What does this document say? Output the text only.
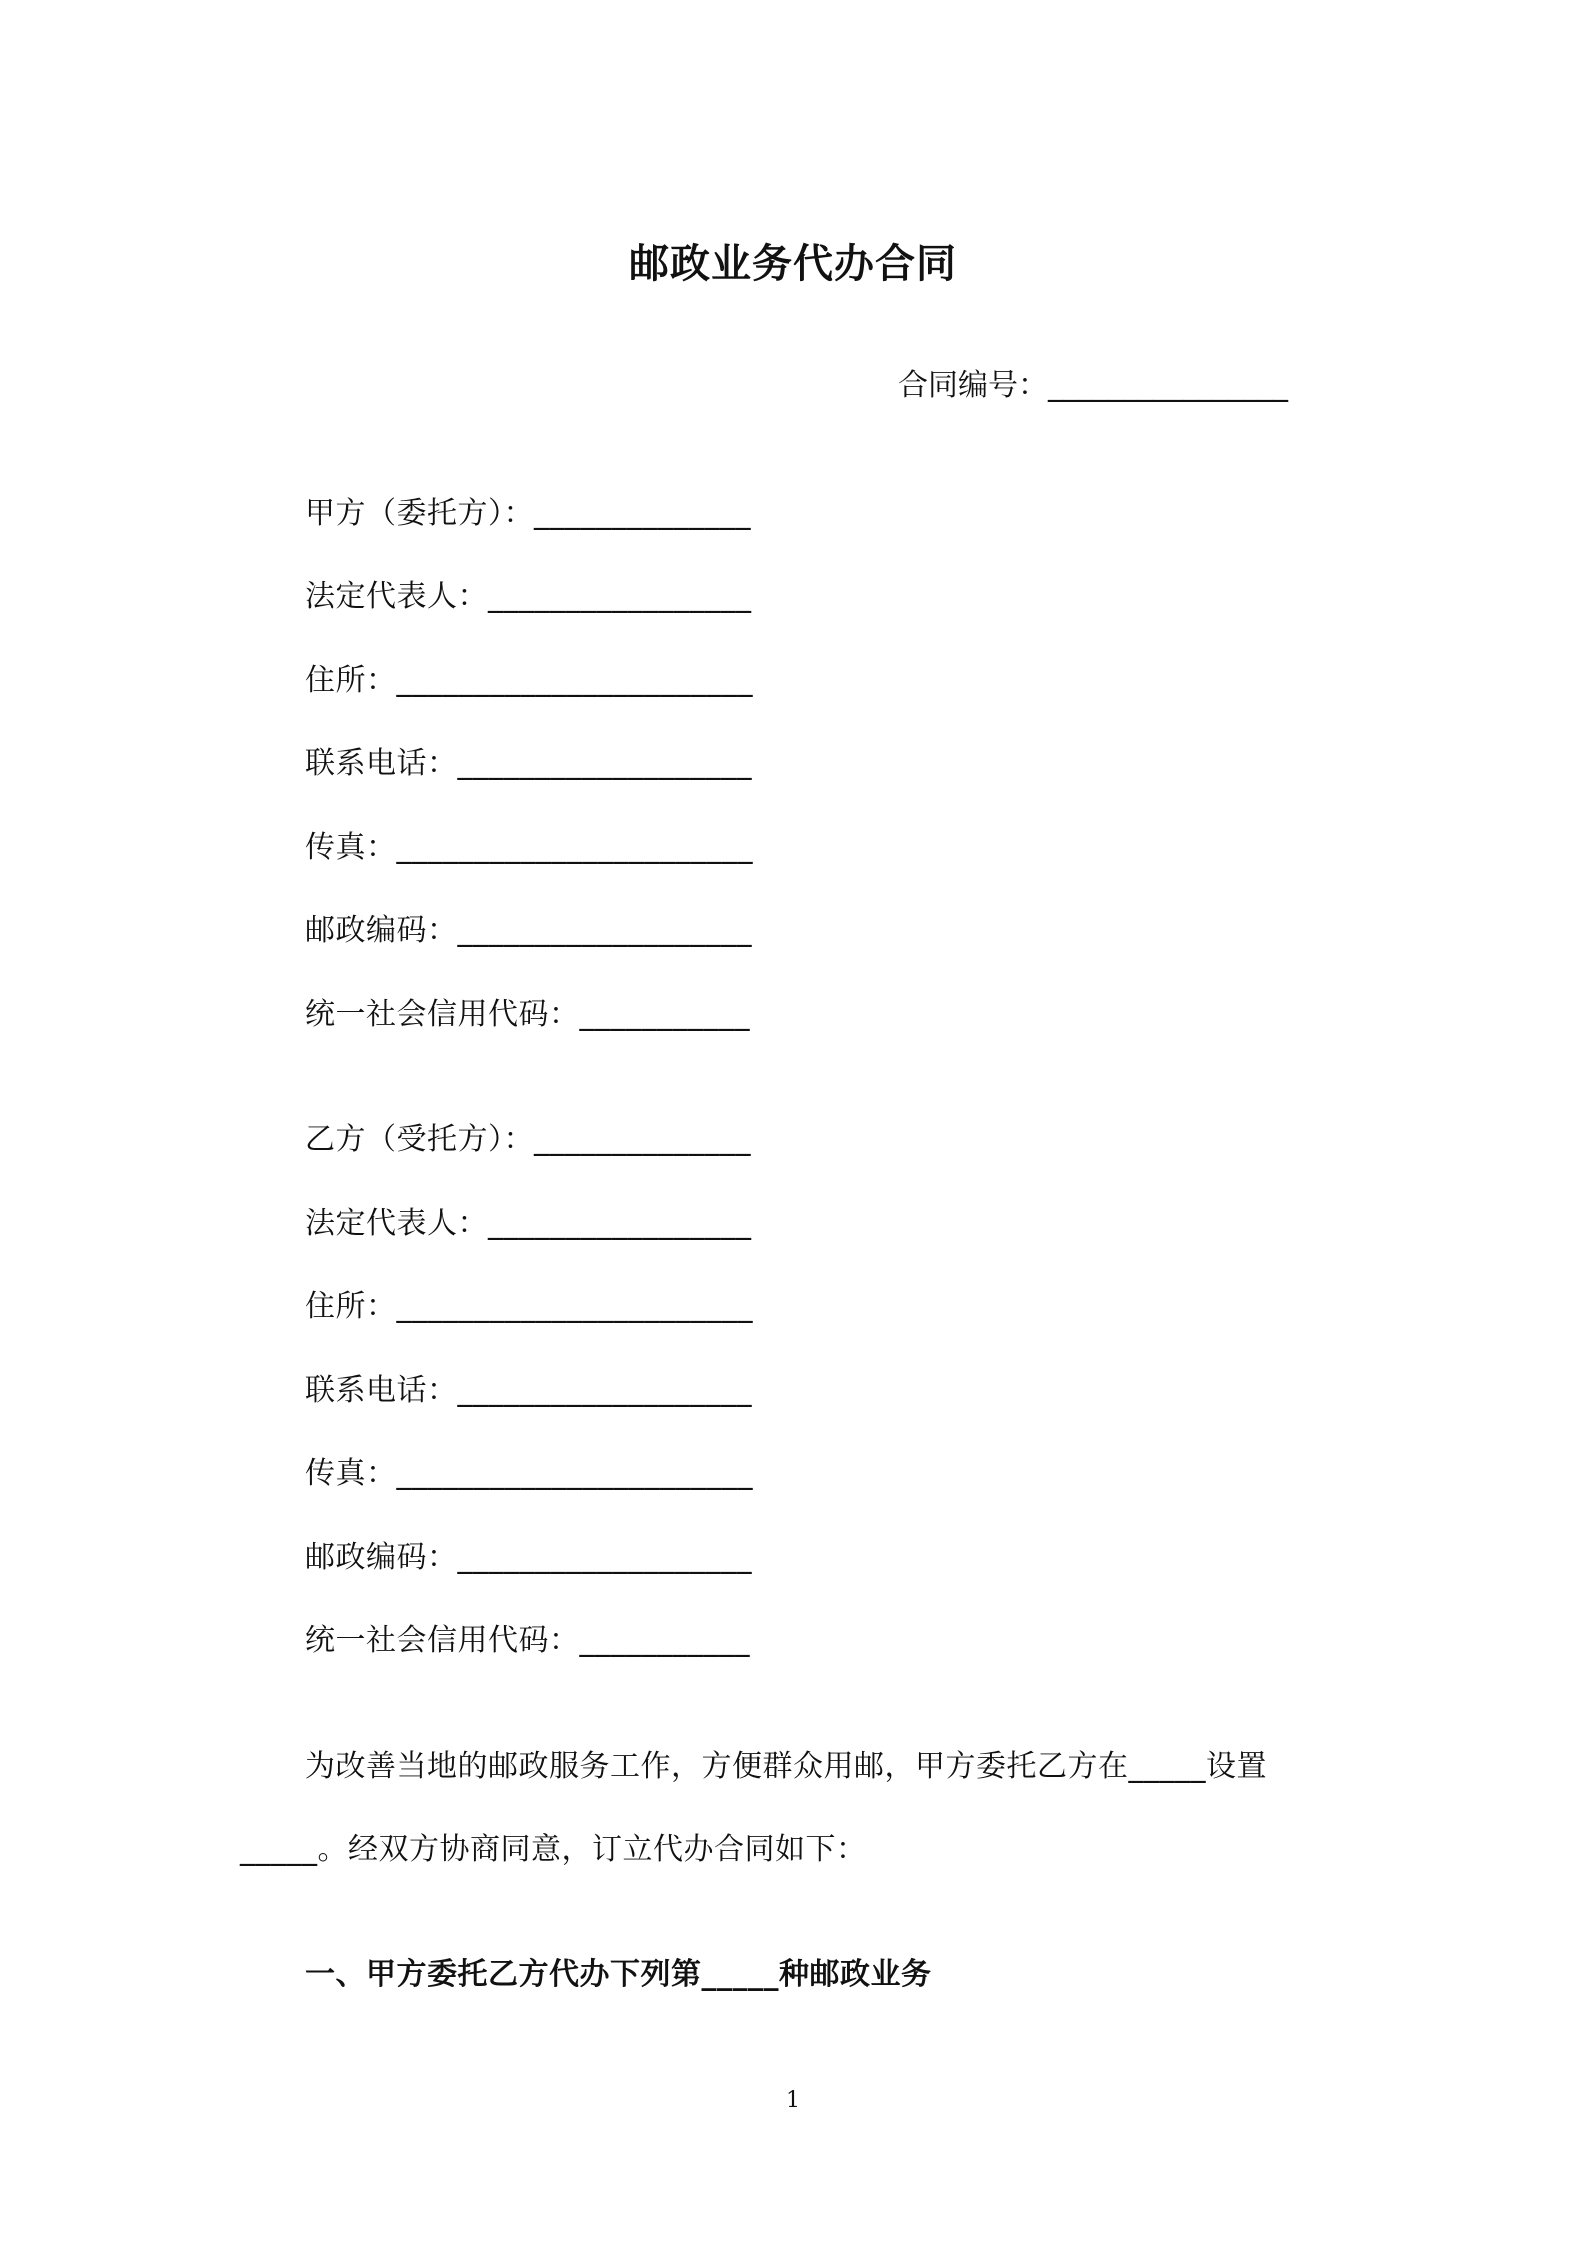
邮政业务代办合同
合同编号：________________
甲方（委托方）：______________
法定代表人：_________________
住所：_______________________
联系电话：___________________
传真：_______________________
邮政编码：___________________
统一社会信用代码：___________
乙方（受托方）：______________
法定代表人：_________________
住所：_______________________
联系电话：___________________
传真：_______________________
邮政编码：___________________
统一社会信用代码：___________
为改善当地的邮政服务工作，方便群众用邮，甲方委托乙方在_____设置
_____。经双方协商同意，订立代办合同如下：
一、甲方委托乙方代办下列第_____种邮政业务
1
